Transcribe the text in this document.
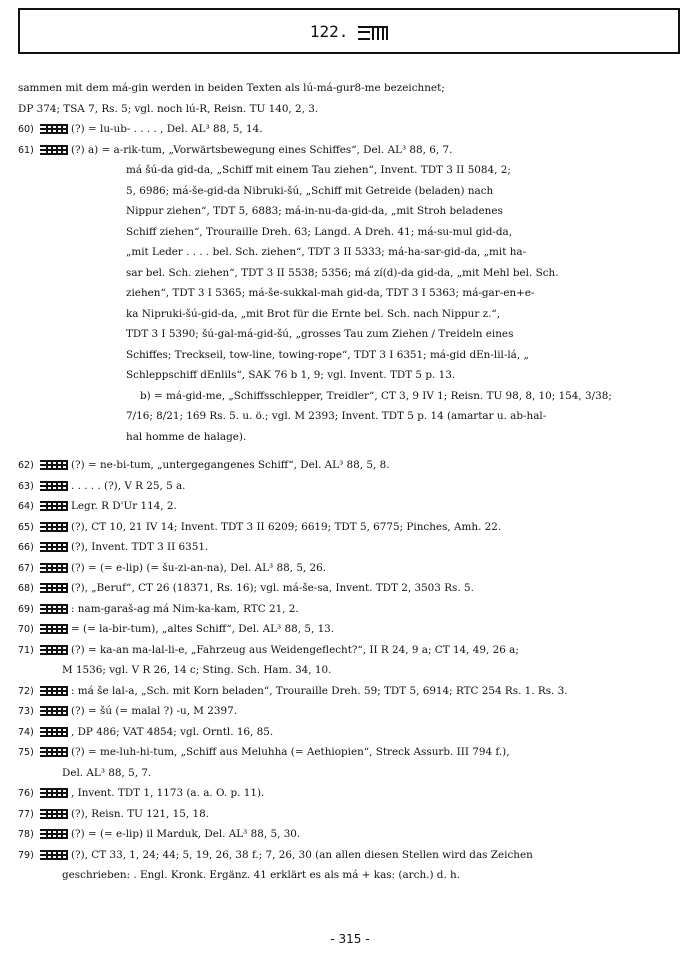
122.
sammen mit dem má-gin werden in beiden Texten als lú-má-gur8-me bezeichnet;
DP 374; TSA 7, Rs. 5; vgl. noch lú-R, Reisn. TU 140, 2, 3.
60)	(?) = lu-ub- . . . . , Del. AL³ 88, 5, 14.
61)	(?) a) = a-rik-tum, „Vorwärtsbewegung eines Schiffes“, Del. AL³ 88, 6, 7.
má šú-da gid-da, „Schiff mit einem Tau ziehen“, Invent. TDT 3 II 5084, 2;
5, 6986; má-še-gid-da Nibruki-šú, „Schiff mit Getreide (beladen) nach
Nippur ziehen“, TDT 5, 6883; má-in-nu-da-gid-da, „mit Stroh beladenes
Schiff ziehen“, Trouraille Dreh. 63; Langd. A Dreh. 41; má-su-mul gid-da,
„mit Leder . . . . bel. Sch. ziehen“, TDT 3 II 5333; má-ha-sar-gid-da, „mit ha-
sar bel. Sch. ziehen“, TDT 3 II 5538; 5356; má zí(d)-da gid-da, „mit Mehl bel. Sch.
ziehen“, TDT 3 I 5365; má-še-sukkal-mah gid-da, TDT 3 I 5363; má-gar-en+e-
ka Nipruki-šú-gid-da, „mit Brot für die Ernte bel. Sch. nach Nippur z.“,
TDT 3 I 5390; šú-gal-má-gid-šú, „grosses Tau zum Ziehen / Treideln eines
Schiffes; Treckseil, tow-line, towing-rope“, TDT 3 I 6351; má-gid dEn-lil-lá, „
Schleppschiff dEnlils“, SAK 76 b 1, 9; vgl. Invent. TDT 5 p. 13.
b) = má-gid-me, „Schiffsschlepper, Treidler“, CT 3, 9 IV 1; Reisn. TU 98, 8, 10; 154, 3/38;
7/16; 8/21; 169 Rs. 5. u. ö.; vgl. M 2393; Invent. TDT 5 p. 14 (amartar u. ab-hal-
hal homme de halage).
62)	(?) = ne-bi-tum, „untergegangenes Schiff“, Del. AL³ 88, 5, 8.
63)	. . . . . (?), V R 25, 5 a.
64)	Legr. R D'Ur 114, 2.
65)	(?), CT 10, 21 IV 14; Invent. TDT 3 II 6209; 6619; TDT 5, 6775; Pinches, Amh. 22.
66)	(?), Invent. TDT 3 II 6351.
67)	(?) = (= e-lip) (= šu-zi-an-na), Del. AL³ 88, 5, 26.
68)	(?), „Beruf“, CT 26 (18371, Rs. 16); vgl. má-še-sa, Invent. TDT 2, 3503 Rs. 5.
69)	: nam-garaš-ag má Nim-ka-kam, RTC 21, 2.
70)	= (= la-bir-tum), „altes Schiff“, Del. AL³ 88, 5, 13.
71)	(?) = ka-an ma-lal-li-e, „Fahrzeug aus Weidengeflecht?“, II R 24, 9 a; CT 14, 49, 26 a;
M 1536; vgl. V R 26, 14 c; Sting. Sch. Ham. 34, 10.
72)	: má še lal-a, „Sch. mit Korn beladen“, Trouraille Dreh. 59; TDT 5, 6914; RTC 254 Rs. 1. Rs. 3.
73)	(?) = šú (= malal ?) -u, M 2397.
74)	, DP 486; VAT 4854; vgl. Orntl. 16, 85.
75)	(?) = me-luh-hi-tum, „Schiff aus Meluhha (= Aethiopien“, Streck Assurb. III 794 f.),
Del. AL³ 88, 5, 7.
76)	, Invent. TDT 1, 1173 (a. a. O. p. 11).
77)	(?), Reisn. TU 121, 15, 18.
78)	(?) = (= e-lip) il Marduk, Del. AL³ 88, 5, 30.
79)	(?), CT 33, 1, 24; 44; 5, 19, 26, 38 f.; 7, 26, 30 (an allen diesen Stellen wird das Zeichen
geschrieben: . Engl. Kronk. Ergänz. 41 erklärt es als má + kas: (arch.) d. h.
- 315 -
